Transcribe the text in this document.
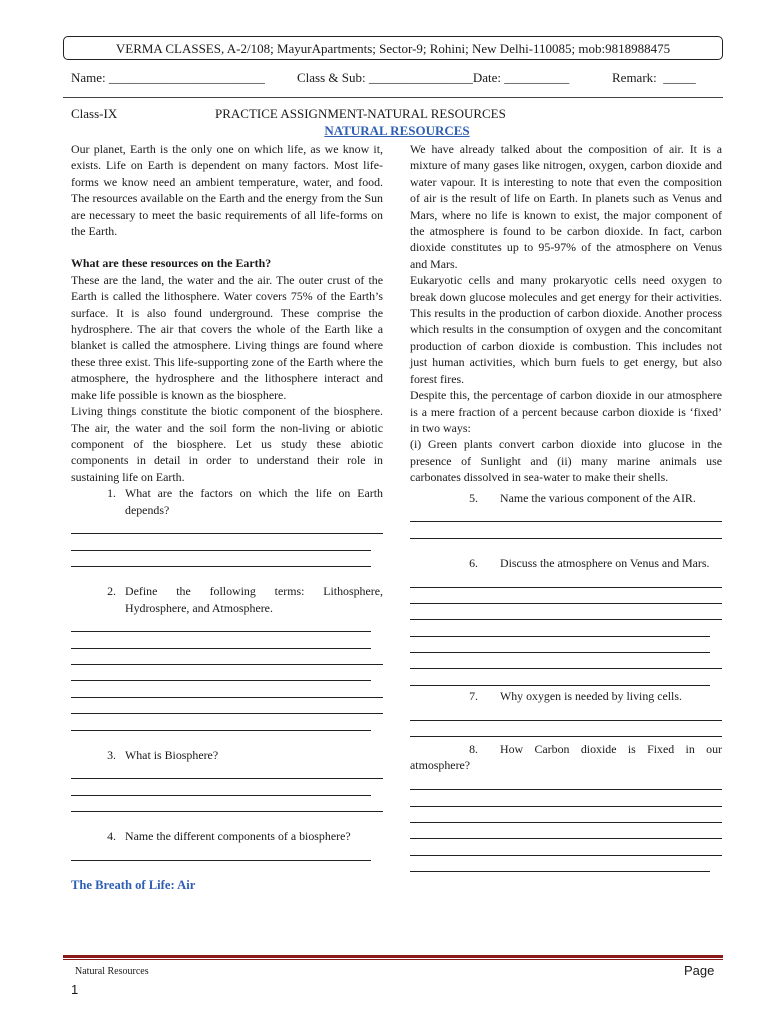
VERMA CLASSES, A-2/108; MayurApartments; Sector-9; Rohini; New Delhi-110085; mob:9818988475
Name: ________________________ Class & Sub: ________________Date: __________	Remark: _____
Class-IX	PRACTICE ASSIGNMENT-NATURAL RESOURCES
NATURAL RESOURCES

Our planet, Earth is the only one on which life, as we know it, exists. Life on Earth is dependent on many factors. Most life-forms we know need an ambient temperature, water, and food. The resources available on the Earth and the energy from the Sun are necessary to meet the basic requirements of all life-forms on the Earth.

What are these resources on the Earth?

These are the land, the water and the air. The outer crust of the Earth is called the lithosphere. Water covers 75% of the Earth’s surface. It is also found underground. These comprise the hydrosphere. The air that covers the whole of the Earth like a blanket is called the atmosphere. Living things are found where these three exist. This life-supporting zone of the Earth where the atmosphere, the hydrosphere and the lithosphere interact and make life possible is known as the biosphere.

Living things constitute the biotic component of the biosphere. The air, the water and the soil form the non-living or abiotic component of the biosphere. Let us study these abiotic components in detail in order to understand their role in sustaining life on Earth.

1. What are the factors on which the life on Earth depends?
2. Define the following terms: Lithosphere, Hydrosphere, and Atmosphere.
3. What is Biosphere?
4. Name the different components of a biosphere?

The Breath of Life: Air

We have already talked about the composition of air. It is a mixture of many gases like nitrogen, oxygen, carbon dioxide and water vapour. It is interesting to note that even the composition of air is the result of life on Earth. In planets such as Venus and Mars, where no life is known to exist, the major component of the atmosphere is found to be carbon dioxide. In fact, carbon dioxide constitutes up to 95-97% of the atmosphere on Venus and Mars.

Eukaryotic cells and many prokaryotic cells need oxygen to break down glucose molecules and get energy for their activities. This results in the production of carbon dioxide. Another process which results in the consumption of oxygen and the concomitant production of carbon dioxide is combustion. This includes not just human activities, which burn fuels to get energy, but also forest fires.

Despite this, the percentage of carbon dioxide in our atmosphere is a mere fraction of a percent because carbon dioxide is ‘fixed’ in two ways:

(i) Green plants convert carbon dioxide into glucose in the presence of Sunlight and (ii) many marine animals use carbonates dissolved in sea-water to make their shells.

5. Name the various component of the AIR.

6. Discuss the atmosphere on Venus and Mars.

7. Why oxygen is needed by living cells.

8. How Carbon dioxide is Fixed in our atmosphere?

Natural Resources	Page
1
